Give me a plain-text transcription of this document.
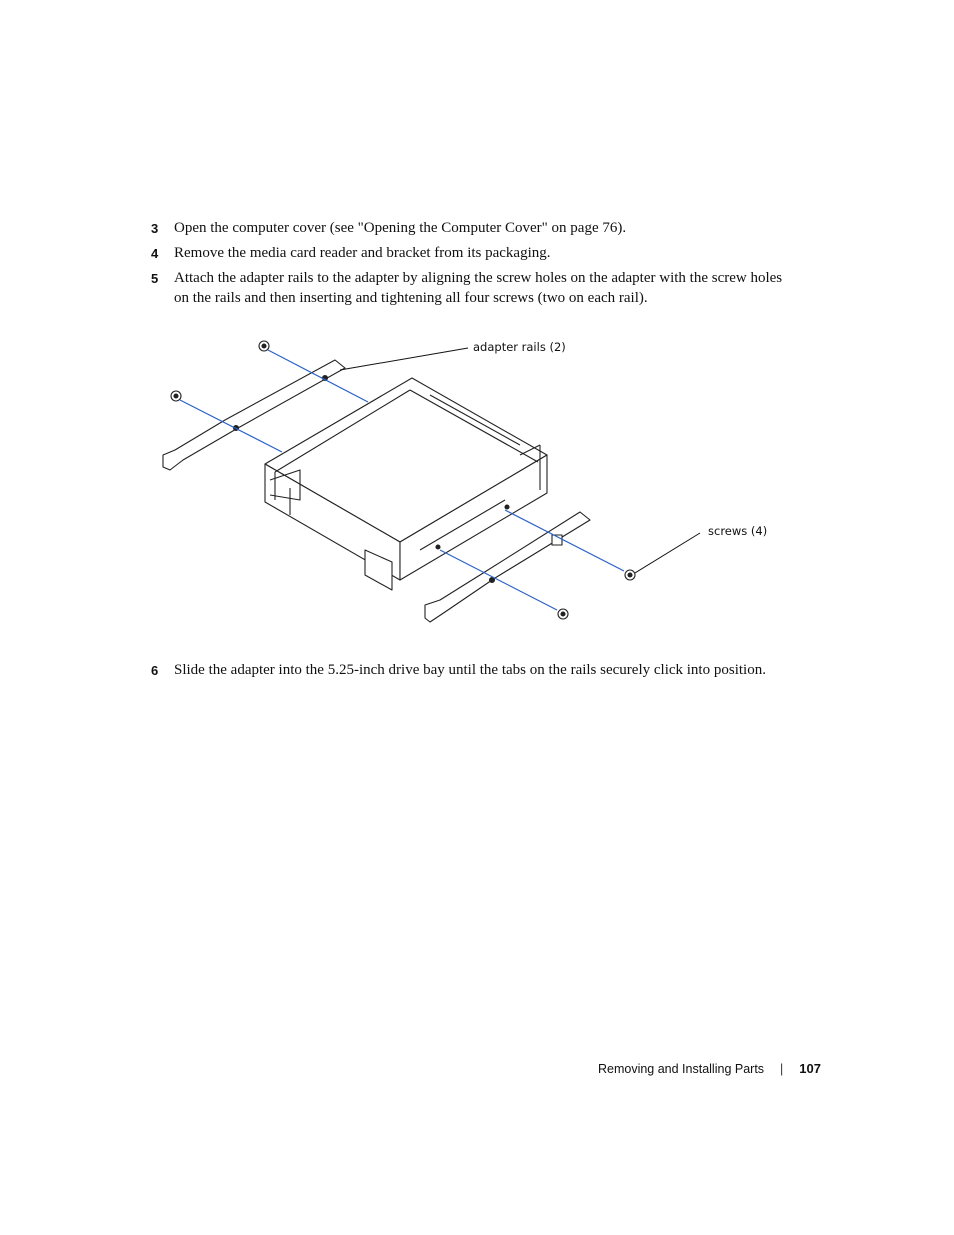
3 Open the computer cover (see "Opening the Computer Cover" on page 76).
4 Remove the media card reader and bracket from its packaging.
5 Attach the adapter rails to the adapter by aligning the screw holes on the adapter with the screw holes on the rails and then inserting and tightening all four screws (two on each rail).
adapter rails (2)
screws (4)
6 Slide the adapter into the 5.25-inch drive bay until the tabs on the rails securely click into position.
Removing and Installing Parts | 107
